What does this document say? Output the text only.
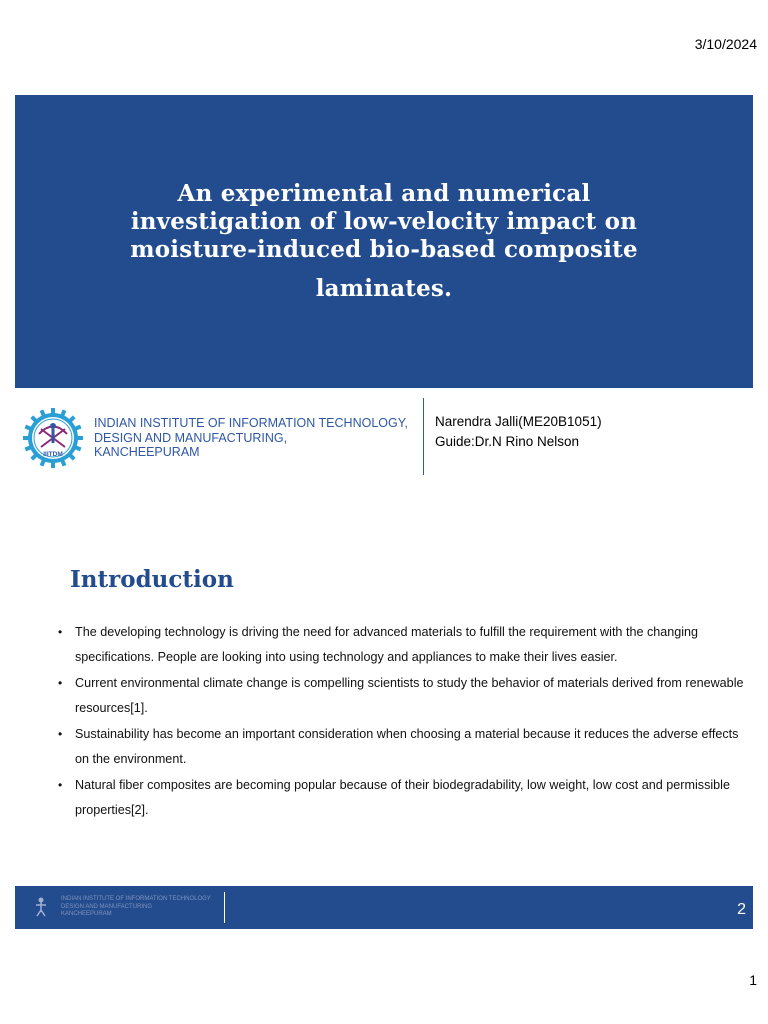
3/10/2024
An experimental and numerical
investigation of low-velocity impact on
moisture-induced bio-based composite
laminates.
IIITDM
INDIAN INSTITUTE OF INFORMATION TECHNOLOGY,
DESIGN AND MANUFACTURING,
KANCHEEPURAM
Narendra Jalli(ME20B1051)
Guide:Dr.N Rino Nelson
Introduction
• The developing technology is driving the need for advanced materials to fulfill the requirement with the changing specifications. People are looking into using technology and appliances to make their lives easier.
• Current environmental climate change is compelling scientists to study the behavior of materials derived from renewable resources[1].
• Sustainability has become an important consideration when choosing a material because it reduces the adverse effects on the environment.
• Natural fiber composites are becoming popular because of their biodegradability, low weight, low cost and permissible properties[2].
INDIAN INSTITUTE OF INFORMATION TECHNOLOGY
DESIGN AND MANUFACTURING
KANCHEEPURAM	2
1
